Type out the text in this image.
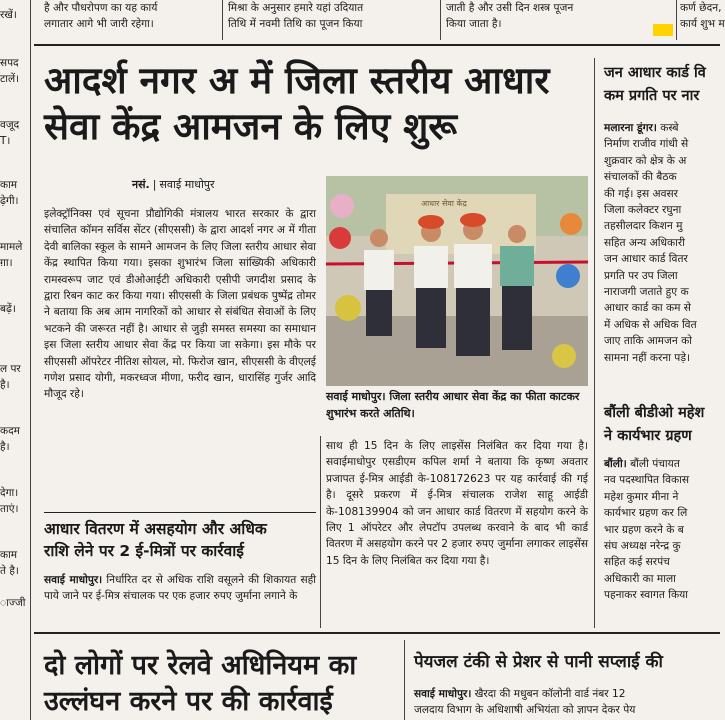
रखें।
सपद
टालें।
वजूद
T।
काम
ढ़ेगी।
मामले
ग़ा।
बढ़ें।
ल पर
है।
कदम
है।
देगा।
ताएं।
काम
ते है।
ाज्जी
है और पौधरोपण का यह कार्य
लगातार आगे भी जारी रहेगा।
मिश्रा के अनुसार हमारे यहां उदियात
तिथि में नवमी तिथि का पूजन किया
जाती है और उसी दिन शस्त्र पूजन
किया जाता है।
कर्ण छेदन,
कार्य शुभ म
आदर्श नगर अ में जिला स्तरीय आधार
सेवा केंद्र आमजन के लिए शुरू
नसं. | सवाई माधोपुर
इलेक्ट्रॉनिक्स एवं सूचना प्रौद्योगिकी मंत्रालय भारत सरकार के द्वारा संचालित कॉमन सर्विस सेंटर (सीएससी) के द्वारा आदर्श नगर अ में गीता देवी बालिका स्कूल के सामने आमजन के लिए जिला स्तरीय आधार सेवा केंद्र स्थापित किया गया। इसका शुभारंभ जिला सांख्यिकी अधिकारी रामस्वरूप जाट एवं डीओआईटी अधिकारी एसीपी जगदीश प्रसाद के द्वारा रिबन काट कर किया गया। सीएससी के जिला प्रबंधक पुष्पेंद्र तोमर ने बताया कि अब आम नागरिकों को आधार से संबंधित सेवाओं के लिए भटकने की जरूरत नहीं है। आधार से जुड़ी समस्त समस्या का समाधान इस जिला स्तरीय आधार सेवा केंद्र पर किया जा सकेगा। इस मौके पर सीएससी ऑपरेटर नीतिश सोयल, मो. फिरोज खान, सीएससी के वीएलई गणेश प्रसाद योगी, मकरध्वज मीणा, फरीद खान, धारासिंह गुर्जर आदि मौजूद रहे।
आधार सेवा केंद्र
सवाई माधोपुर। जिला स्तरीय आधार सेवा केंद्र का फीता काटकर शुभारंभ करते अतिथि।
आधार वितरण में असहयोग और अधिक
राशि लेने पर 2 ई-मित्रों पर कार्रवाई
सवाई माधोपुर। निर्धारित दर से अधिक राशि वसूलने की शिकायत सही पाये जाने पर ई-मित्र संचालक पर एक हजार रुपए जुर्माना लगाने के
साथ ही 15 दिन के लिए लाइसेंस निलंबित कर दिया गया है। सवाईमाधोपुर एसडीएम कपिल शर्मा ने बताया कि कृष्ण अवतार प्रजापत ई-मित्र आईडी के-108172623 पर यह कार्रवाई की गई है। दूसरे प्रकरण में ई-मित्र संचालक राजेश साहू आईडी के-108139904 को जन आधार कार्ड वितरण में सहयोग करने के लिए 1 ऑपरेटर और लेपटॉप उपलब्ध करवाने के बाद भी कार्ड वितरण में असहयोग करने पर 2 हजार रुपए जुर्माना लगाकर लाइसेंस 15 दिन के लिए निलंबित कर दिया गया है।
जन आधार कार्ड वि
कम प्रगति पर नार
मलारना डूंगर। कस्बे
निर्माण राजीव गांधी से
शुक्रवार को क्षेत्र के अ
संचालकों की बैठक
की गई। इस अवसर
जिला कलेक्टर रघुना
तहसीलदार किशन मु
सहित अन्य अधिकारी
जन आधार कार्ड वितर
प्रगति पर उप जिला
नाराजगी जताते हुए क
आधार कार्ड का कम से
में अधिक से अधिक वित
जाए ताकि आमजन को
सामना नहीं करना पड़े।
बौंली बीडीओ महेश
ने कार्यभार ग्रहण
बौंली। बौंली पंचायत
नव पदस्थापित विकास
महेश कुमार मीना ने
कार्यभार ग्रहण कर लि
भार ग्रहण करने के ब
संघ अध्यक्ष नरेन्द्र कु
सहित कई सरपंच
अधिकारी का माला
पहनाकर स्वागत किया
दो लोगों पर रेलवे अधिनियम का
उल्लंघन करने पर की कार्रवाई
पेयजल टंकी से प्रेशर से पानी सप्लाई की
सवाई माधोपुर। खैरदा की मधुबन कॉलोनी वार्ड नंबर 12
जलदाय विभाग के अधिशाषी अभियंता को ज्ञापन देकर पेय
